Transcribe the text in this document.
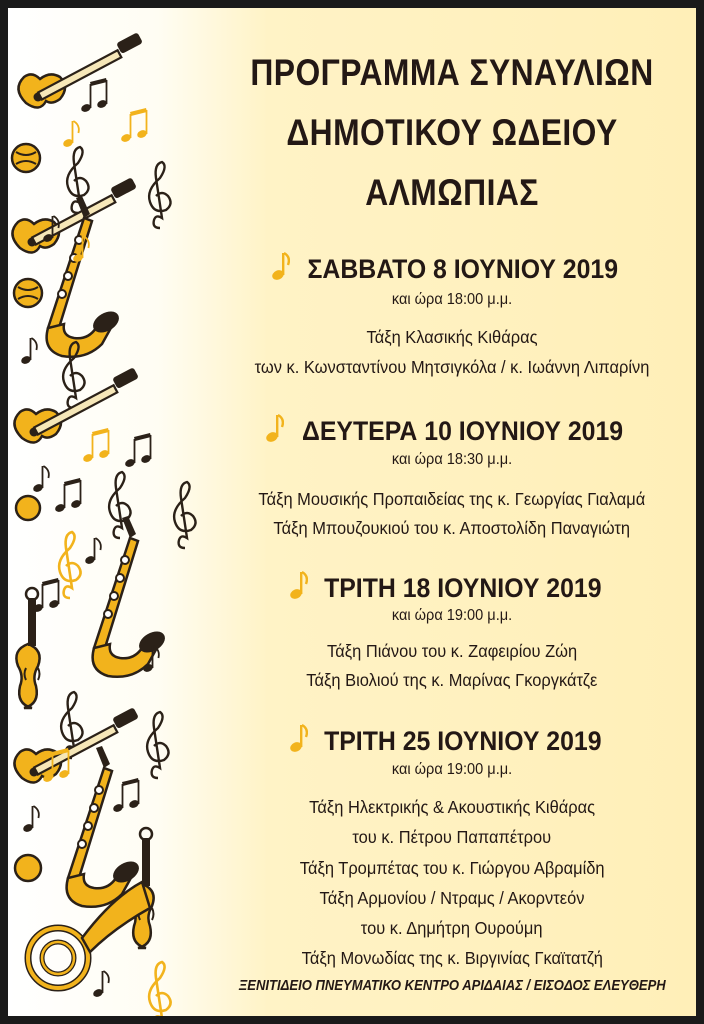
ΠΡΟΓΡΑΜΜΑ ΣΥΝΑΥΛΙΩΝ
ΔΗΜΟΤΙΚΟΥ ΩΔΕΙΟΥ
ΑΛΜΩΠΙΑΣ
ΣΑΒΒΑΤΟ 8 ΙΟΥΝΙΟΥ 2019
και ώρα 18:00 μ.μ.
Τάξη Κλασικής Κιθάρας
των κ. Κωνσταντίνου Μητσιγκόλα / κ. Ιωάννη Λιπαρίνη
ΔΕΥΤΕΡΑ 10 ΙΟΥΝΙΟΥ 2019
και ώρα 18:30 μ.μ.
Τάξη Μουσικής Προπαιδείας της κ. Γεωργίας Γιαλαμά
Τάξη Μπουζουκιού του κ. Αποστολίδη Παναγιώτη
ΤΡΙΤΗ 18 ΙΟΥΝΙΟΥ 2019
και ώρα 19:00 μ.μ.
Τάξη Πιάνου του κ. Ζαφειρίου Ζώη
Τάξη Βιολιού της κ. Μαρίνας Γκοργκάτζε
ΤΡΙΤΗ 25 ΙΟΥΝΙΟΥ 2019
και ώρα 19:00 μ.μ.
Τάξη Ηλεκτρικής & Ακουστικής Κιθάρας
του κ. Πέτρου Παπαπέτρου
Τάξη Τρομπέτας του κ. Γιώργου Αβραμίδη
Τάξη Αρμονίου / Ντραμς / Ακορντεόν
του κ. Δημήτρη Ουρούμη
Τάξη Μονωδίας της κ. Βιργινίας Γκαϊτατζή
ΞΕΝΙΤΙΔΕΙΟ ΠΝΕΥΜΑΤΙΚΟ ΚΕΝΤΡΟ ΑΡΙΔΑΙΑΣ / ΕΙΣΟΔΟΣ ΕΛΕΥΘΕΡΗ
